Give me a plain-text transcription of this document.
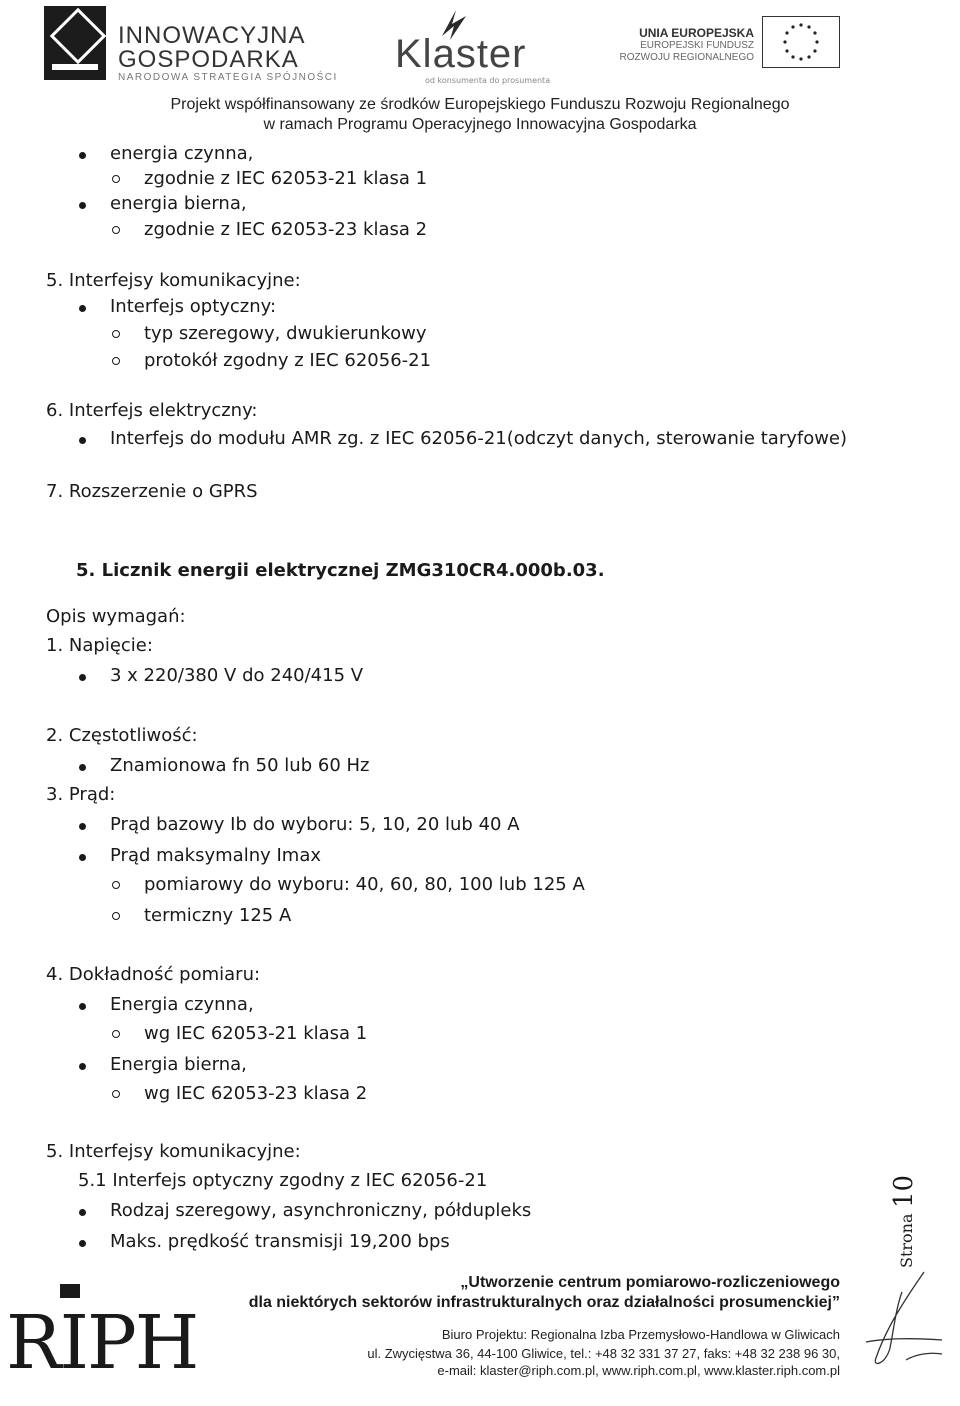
INNOWACYJNA
GOSPODARKA
NARODOWA STRATEGIA SPÓJNOŚCI
Klaster
od konsumenta do prosumenta
UNIA EUROPEJSKA
EUROPEJSKI FUNDUSZ
ROZWOJU REGIONALNEGO
Projekt współfinansowany ze środków Europejskiego Funduszu Rozwoju Regionalnego
w ramach Programu Operacyjnego Innowacyjna Gospodarka
energia czynna,
zgodnie z IEC 62053-21 klasa 1
energia bierna,
zgodnie z IEC 62053-23 klasa 2
5. Interfejsy komunikacyjne:
Interfejs optyczny:
typ szeregowy, dwukierunkowy
protokół zgodny z IEC 62056-21
6. Interfejs elektryczny:
Interfejs do modułu AMR zg. z IEC 62056-21(odczyt danych, sterowanie taryfowe)
7. Rozszerzenie o GPRS
5. Licznik energii elektrycznej ZMG310CR4.000b.03.
Opis wymagań:
1. Napięcie:
3 x 220/380 V do 240/415 V
2. Częstotliwość:
Znamionowa fn 50 lub 60 Hz
3. Prąd:
Prąd bazowy Ib do wyboru: 5, 10, 20 lub 40 A
Prąd maksymalny Imax
pomiarowy do wyboru: 40, 60, 80, 100 lub 125 A
termiczny 125 A
4. Dokładność pomiaru:
Energia czynna,
wg IEC 62053-21 klasa 1
Energia bierna,
wg IEC 62053-23 klasa 2
5. Interfejsy komunikacyjne:
5.1 Interfejs optyczny zgodny z IEC 62056-21
Rodzaj szeregowy, asynchroniczny, półdupleks
Maks. prędkość transmisji 19,200 bps
RIPH
„Utworzenie centrum pomiarowo-rozliczeniowego
dla niektórych sektorów infrastrukturalnych oraz działalności prosumenckiej”
Biuro Projektu: Regionalna Izba Przemysłowo-Handlowa w Gliwicach
ul. Zwycięstwa 36, 44-100 Gliwice, tel.: +48 32 331 37 27, faks: +48 32 238 96 30,
e-mail: klaster@riph.com.pl, www.riph.com.pl, www.klaster.riph.com.pl
Strona
10
